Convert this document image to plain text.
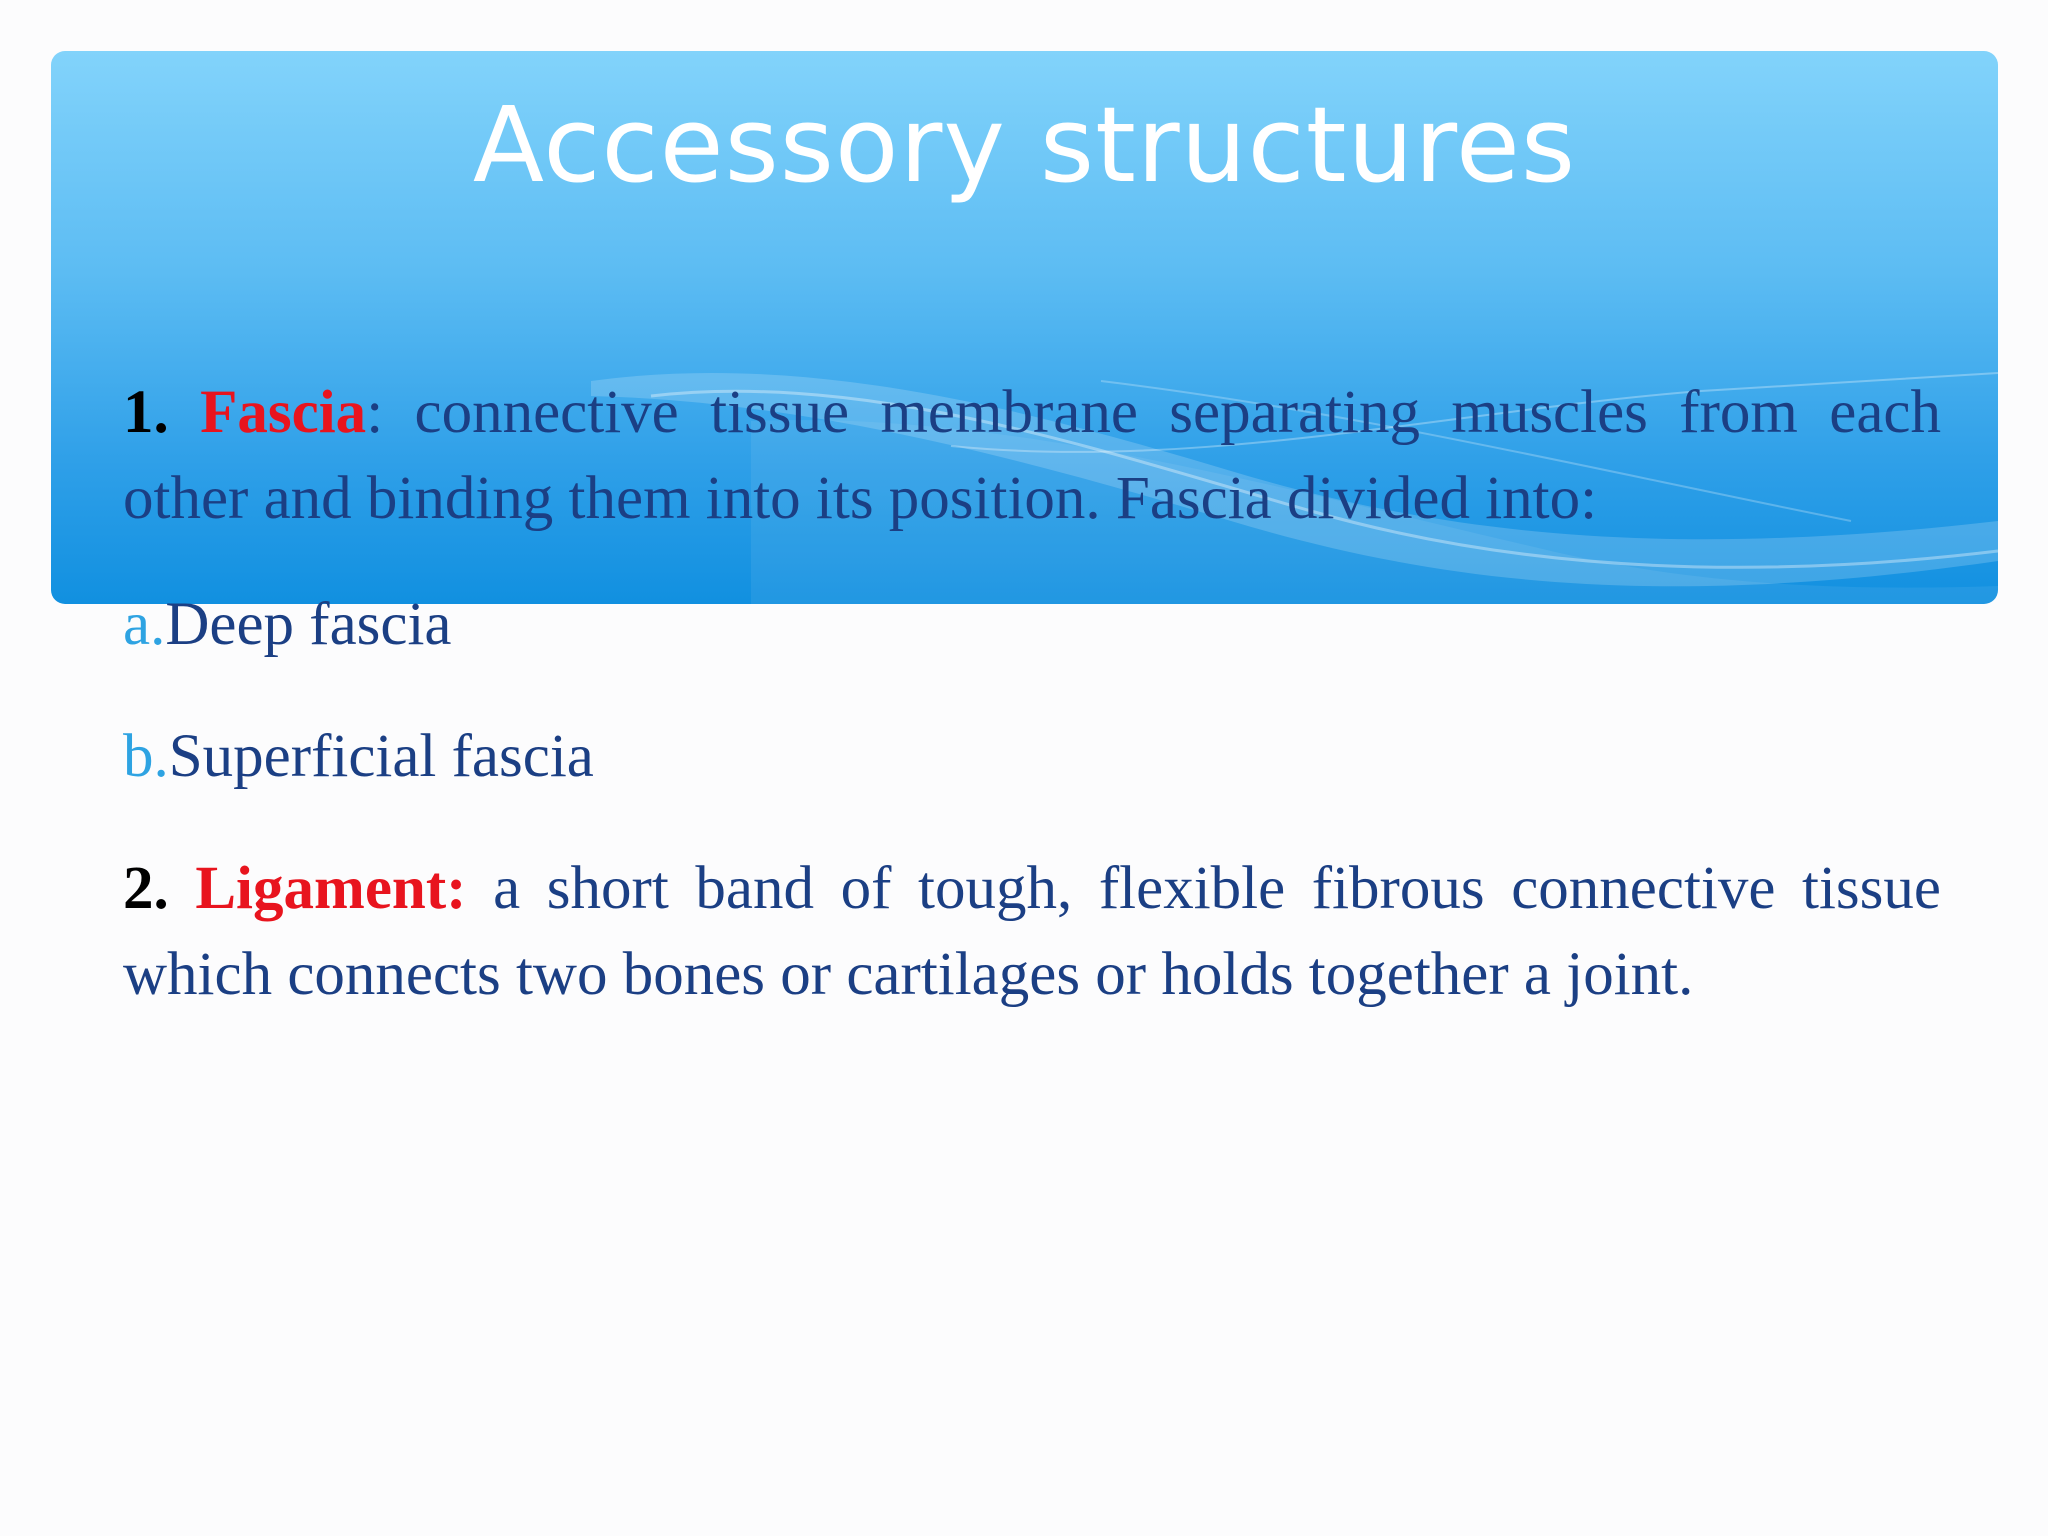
Accessory structures

1. Fascia: connective tissue membrane separating muscles from each other and binding them into its position. Fascia divided into:

a.Deep fascia

b.Superficial fascia

2. Ligament: a short band of tough, flexible fibrous connective tissue which connects two bones or cartilages or holds together a joint.
